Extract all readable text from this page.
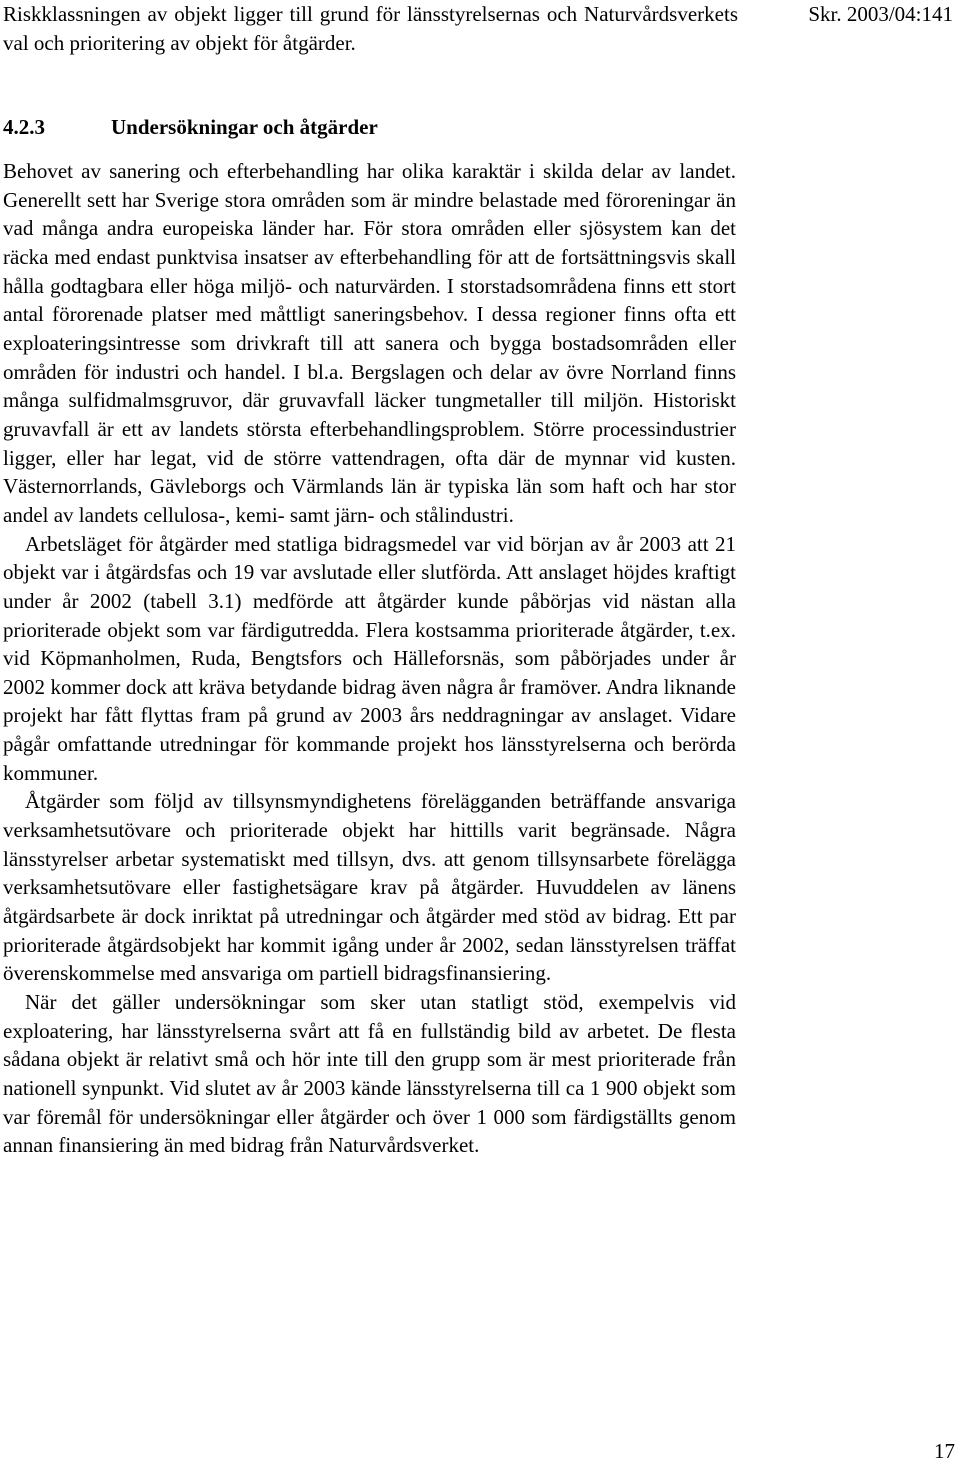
Riskklassningen av objekt ligger till grund för länsstyrelsernas och Naturvårdsverkets val och prioritering av objekt för åtgärder.
Skr. 2003/04:141
4.2.3	Undersökningar och åtgärder

Behovet av sanering och efterbehandling har olika karaktär i skilda delar av landet. Generellt sett har Sverige stora områden som är mindre belastade med föroreningar än vad många andra europeiska länder har. För stora områden eller sjösystem kan det räcka med endast punktvisa insatser av efterbehandling för att de fortsättningsvis skall hålla godtagbara eller höga miljö- och naturvärden. I storstadsområdena finns ett stort antal förorenade platser med måttligt saneringsbehov. I dessa regioner finns ofta ett exploateringsintresse som drivkraft till att sanera och bygga bostadsområden eller områden för industri och handel. I bl.a. Bergslagen och delar av övre Norrland finns många sulfidmalmsgruvor, där gruvavfall läcker tungmetaller till miljön. Historiskt gruvavfall är ett av landets största efterbehandlingsproblem. Större processindustrier ligger, eller har legat, vid de större vattendragen, ofta där de mynnar vid kusten. Västernorrlands, Gävleborgs och Värmlands län är typiska län som haft och har stor andel av landets cellulosa-, kemi- samt järn- och stålindustri.

Arbetsläget för åtgärder med statliga bidragsmedel var vid början av år 2003 att 21 objekt var i åtgärdsfas och 19 var avslutade eller slutförda. Att anslaget höjdes kraftigt under år 2002 (tabell 3.1) medförde att åtgärder kunde påbörjas vid nästan alla prioriterade objekt som var färdigutredda. Flera kostsamma prioriterade åtgärder, t.ex. vid Köpmanholmen, Ruda, Bengtsfors och Hälleforsnäs, som påbörjades under år 2002 kommer dock att kräva betydande bidrag även några år framöver. Andra liknande projekt har fått flyttas fram på grund av 2003 års neddragningar av anslaget. Vidare pågår omfattande utredningar för kommande projekt hos länsstyrelserna och berörda kommuner.

Åtgärder som följd av tillsynsmyndighetens förelägganden beträffande ansvariga verksamhetsutövare och prioriterade objekt har hittills varit begränsade. Några länsstyrelser arbetar systematiskt med tillsyn, dvs. att genom tillsynsarbete förelägga verksamhetsutövare eller fastighetsägare krav på åtgärder. Huvuddelen av länens åtgärdsarbete är dock inriktat på utredningar och åtgärder med stöd av bidrag. Ett par prioriterade åtgärdsobjekt har kommit igång under år 2002, sedan länsstyrelsen träffat överenskommelse med ansvariga om partiell bidragsfinansiering.

När det gäller undersökningar som sker utan statligt stöd, exempelvis vid exploatering, har länsstyrelserna svårt att få en fullständig bild av arbetet. De flesta sådana objekt är relativt små och hör inte till den grupp som är mest prioriterade från nationell synpunkt. Vid slutet av år 2003 kände länsstyrelserna till ca 1 900 objekt som var föremål för undersökningar eller åtgärder och över 1 000 som färdigställts genom annan finansiering än med bidrag från Naturvårdsverket.

17
